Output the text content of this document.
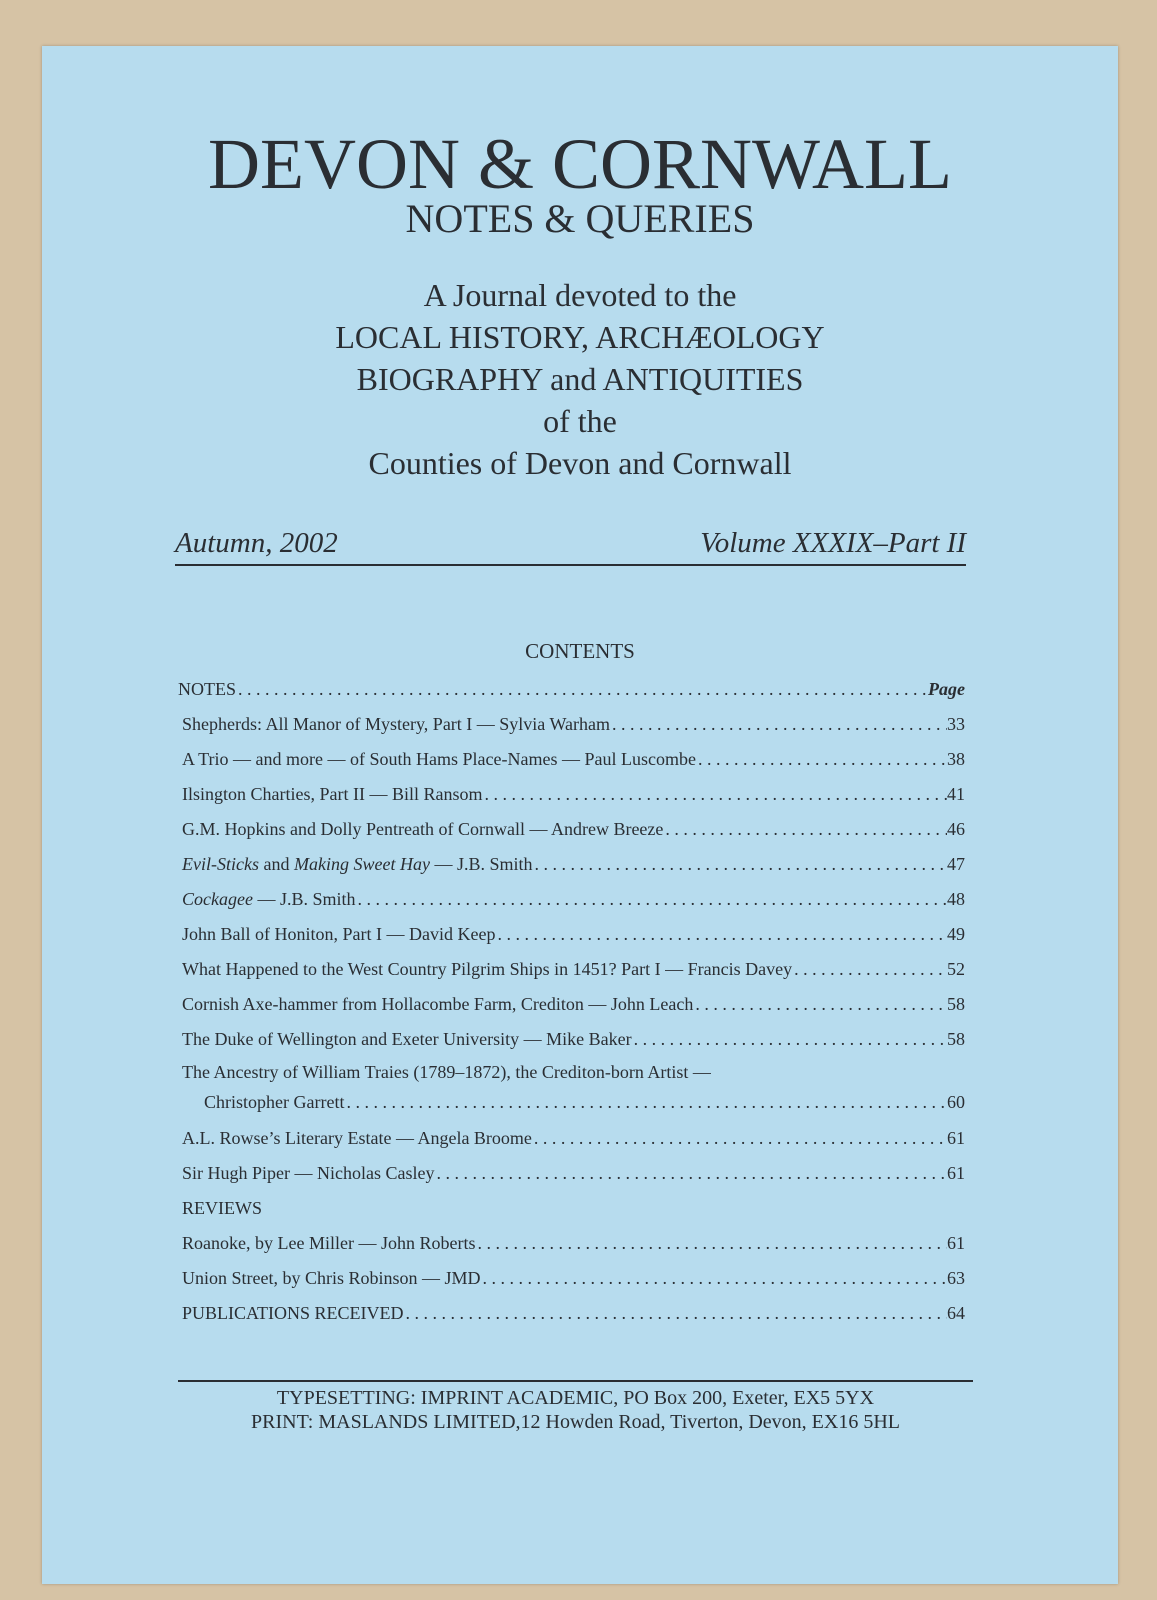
DEVON & CORNWALL
NOTES & QUERIES
A Journal devoted to the
LOCAL HISTORY, ARCHÆOLOGY
BIOGRAPHY and ANTIQUITIES
of the
Counties of Devon and Cornwall
Autumn, 2002	Volume XXXIX–Part II
CONTENTS
NOTES . . .	Page
Shepherds: All Manor of Mystery, Part I — Sylvia Warham . . .	33
A Trio — and more — of South Hams Place-Names — Paul Luscombe . . .	38
Ilsington Charties, Part II — Bill Ransom . . .	41
G.M. Hopkins and Dolly Pentreath of Cornwall — Andrew Breeze . . .	46
Evil-Sticks and Making Sweet Hay — J.B. Smith . . .	47
Cockagee — J.B. Smith . . .	48
John Ball of Honiton, Part I — David Keep . . .	49
What Happened to the West Country Pilgrim Ships in 1451? Part I — Francis Davey . . .	52
Cornish Axe-hammer from Hollacombe Farm, Crediton — John Leach . . .	58
The Duke of Wellington and Exeter University — Mike Baker . . .	58
The Ancestry of William Traies (1789–1872), the Crediton-born Artist —
Christopher Garrett . . .	60
A.L. Rowse’s Literary Estate — Angela Broome . . .	61
Sir Hugh Piper — Nicholas Casley . . .	61
REVIEWS
Roanoke, by Lee Miller — John Roberts . . .	61
Union Street, by Chris Robinson — JMD . . .	63
PUBLICATIONS RECEIVED . . .	64
TYPESETTING: IMPRINT ACADEMIC, PO Box 200, Exeter, EX5 5YX
PRINT: MASLANDS LIMITED,12 Howden Road, Tiverton, Devon, EX16 5HL
